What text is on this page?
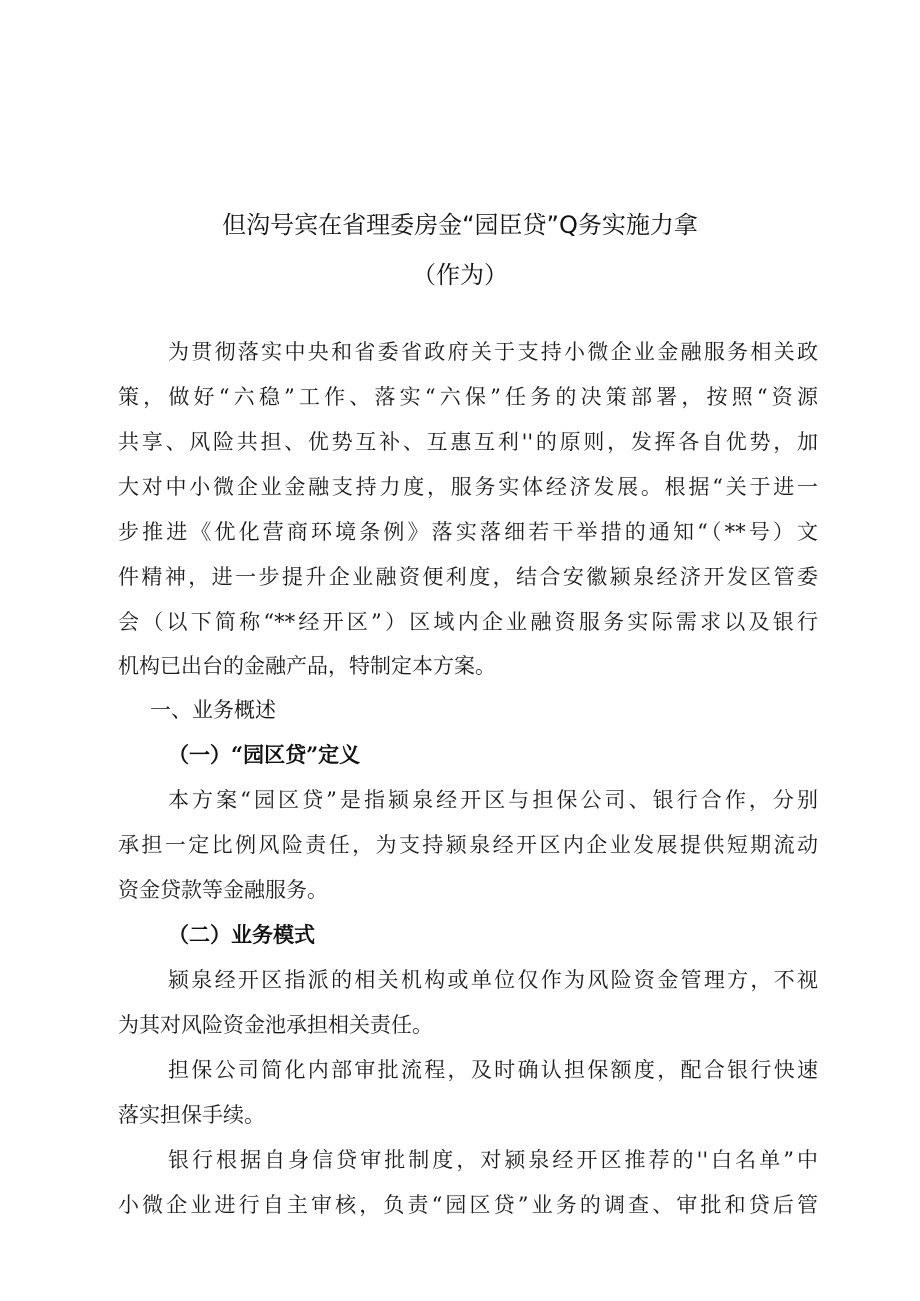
但沟号宾在省理委房金“园臣贷”Q务实施力拿
（作为）
为贯彻落实中央和省委省政府关于支持小微企业金融服务相关政
策，做好“六稳”工作、落实“六保”任务的决策部署，按照“资源
共享、风险共担、优势互补、互惠互利''的原则，发挥各自优势，加
大对中小微企业金融支持力度，服务实体经济发展。根据“关于进一
步推进《优化营商环境条例》落实落细若干举措的通知“（**号）文
件精神，进一步提升企业融资便利度，结合安徽颍泉经济开发区管委
会（以下简称“**经开区”）区域内企业融资服务实际需求以及银行
机构已出台的金融产品，特制定本方案。
一、业务概述
（一）“园区贷”定义
本方案“园区贷”是指颍泉经开区与担保公司、银行合作，分别
承担一定比例风险责任，为支持颍泉经开区内企业发展提供短期流动
资金贷款等金融服务。
（二）业务模式
颍泉经开区指派的相关机构或单位仅作为风险资金管理方，不视
为其对风险资金池承担相关责任。
担保公司简化内部审批流程，及时确认担保额度，配合银行快速
落实担保手续。
银行根据自身信贷审批制度，对颍泉经开区推荐的''白名单”中
小微企业进行自主审核，负责“园区贷”业务的调查、审批和贷后管
